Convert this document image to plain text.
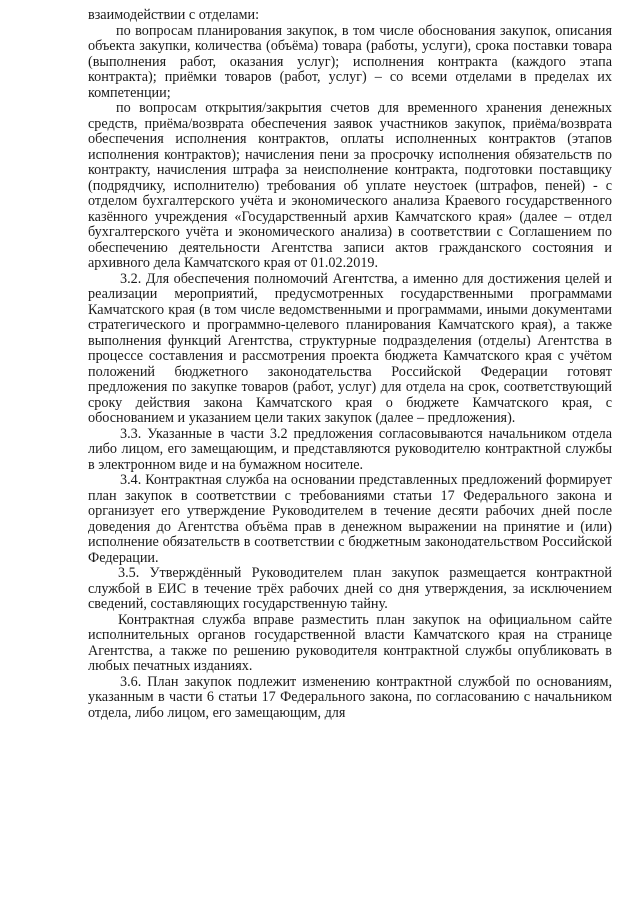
взаимодействии с отделами:

по вопросам планирования закупок, в том числе обоснования закупок, описания объекта закупки, количества (объёма) товара (работы, услуги), срока поставки товара (выполнения работ, оказания услуг); исполнения контракта (каждого этапа контракта); приёмки товаров (работ, услуг) – со всеми отделами в пределах их компетенции;

по вопросам открытия/закрытия счетов для временного хранения денежных средств, приёма/возврата обеспечения заявок участников закупок, приёма/возврата обеспечения исполнения контрактов, оплаты исполненных контрактов (этапов исполнения контрактов); начисления пени за просрочку исполнения обязательств по контракту, начисления штрафа за неисполнение контракта, подготовки поставщику (подрядчику, исполнителю) требования об уплате неустоек (штрафов, пеней) - с отделом бухгалтерского учёта и экономического анализа Краевого государственного казённого учреждения «Государственный архив Камчатского края» (далее – отдел бухгалтерского учёта и экономического анализа) в соответствии с Соглашением по обеспечению деятельности Агентства записи актов гражданского состояния и архивного дела Камчатского края от 01.02.2019.

3.2. Для обеспечения полномочий Агентства, а именно для достижения целей и реализации мероприятий, предусмотренных государственными программами Камчатского края (в том числе ведомственными и программами, иными документами стратегического и программно-целевого планирования Камчатского края), а также выполнения функций Агентства, структурные подразделения (отделы) Агентства в процессе составления и рассмотрения проекта бюджета Камчатского края с учётом положений бюджетного законодательства Российской Федерации готовят предложения по закупке товаров (работ, услуг) для отдела на срок, соответствующий сроку действия закона Камчатского края о бюджете Камчатского края, с обоснованием и указанием цели таких закупок (далее – предложения).

3.3. Указанные в части 3.2 предложения согласовываются начальником отдела либо лицом, его замещающим, и представляются руководителю контрактной службы в электронном виде и на бумажном носителе.

3.4. Контрактная служба на основании представленных предложений формирует план закупок в соответствии с требованиями статьи 17 Федерального закона и организует его утверждение Руководителем в течение десяти рабочих дней после доведения до Агентства объёма прав в денежном выражении на принятие и (или) исполнение обязательств в соответствии с бюджетным законодательством Российской Федерации.

3.5. Утверждённый Руководителем план закупок размещается контрактной службой в ЕИС в течение трёх рабочих дней со дня утверждения, за исключением сведений, составляющих государственную тайну.

Контрактная служба вправе разместить план закупок на официальном сайте исполнительных органов государственной власти Камчатского края на странице Агентства, а также по решению руководителя контрактной службы опубликовать в любых печатных изданиях.

3.6. План закупок подлежит изменению контрактной службой по основаниям, указанным в части 6 статьи 17 Федерального закона, по согласованию с начальником отдела, либо лицом, его замещающим, для
